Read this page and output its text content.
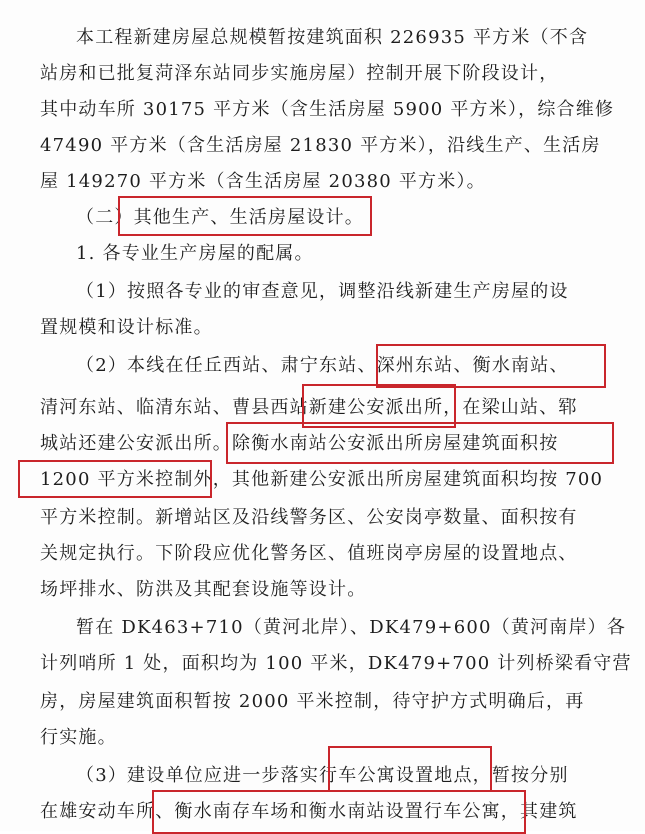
本工程新建房屋总规模暂按建筑面积 226935 平方米（不含
站房和已批复菏泽东站同步实施房屋）控制开展下阶段设计，
其中动车所 30175 平方米（含生活房屋 5900 平方米），综合维修
47490 平方米（含生活房屋 21830 平方米），沿线生产、生活房
屋 149270 平方米（含生活房屋 20380 平方米）。
（二）其他生产、生活房屋设计。
1. 各专业生产房屋的配属。
（1）按照各专业的审查意见，调整沿线新建生产房屋的设
置规模和设计标准。
（2）本线在任丘西站、肃宁东站、深州东站、衡水南站、
清河东站、临清东站、曹县西站新建公安派出所，在梁山站、郓
城站还建公安派出所。除衡水南站公安派出所房屋建筑面积按
1200 平方米控制外，其他新建公安派出所房屋建筑面积均按 700
平方米控制。新增站区及沿线警务区、公安岗亭数量、面积按有
关规定执行。下阶段应优化警务区、值班岗亭房屋的设置地点、
场坪排水、防洪及其配套设施等设计。
暂在 DK463+710（黄河北岸）、DK479+600（黄河南岸）各
计列哨所 1 处，面积均为 100 平米，DK479+700 计列桥梁看守营
房，房屋建筑面积暂按 2000 平米控制，待守护方式明确后，再
行实施。
（3）建设单位应进一步落实行车公寓设置地点，暂按分别
在雄安动车所、衡水南存车场和衡水南站设置行车公寓，其建筑
